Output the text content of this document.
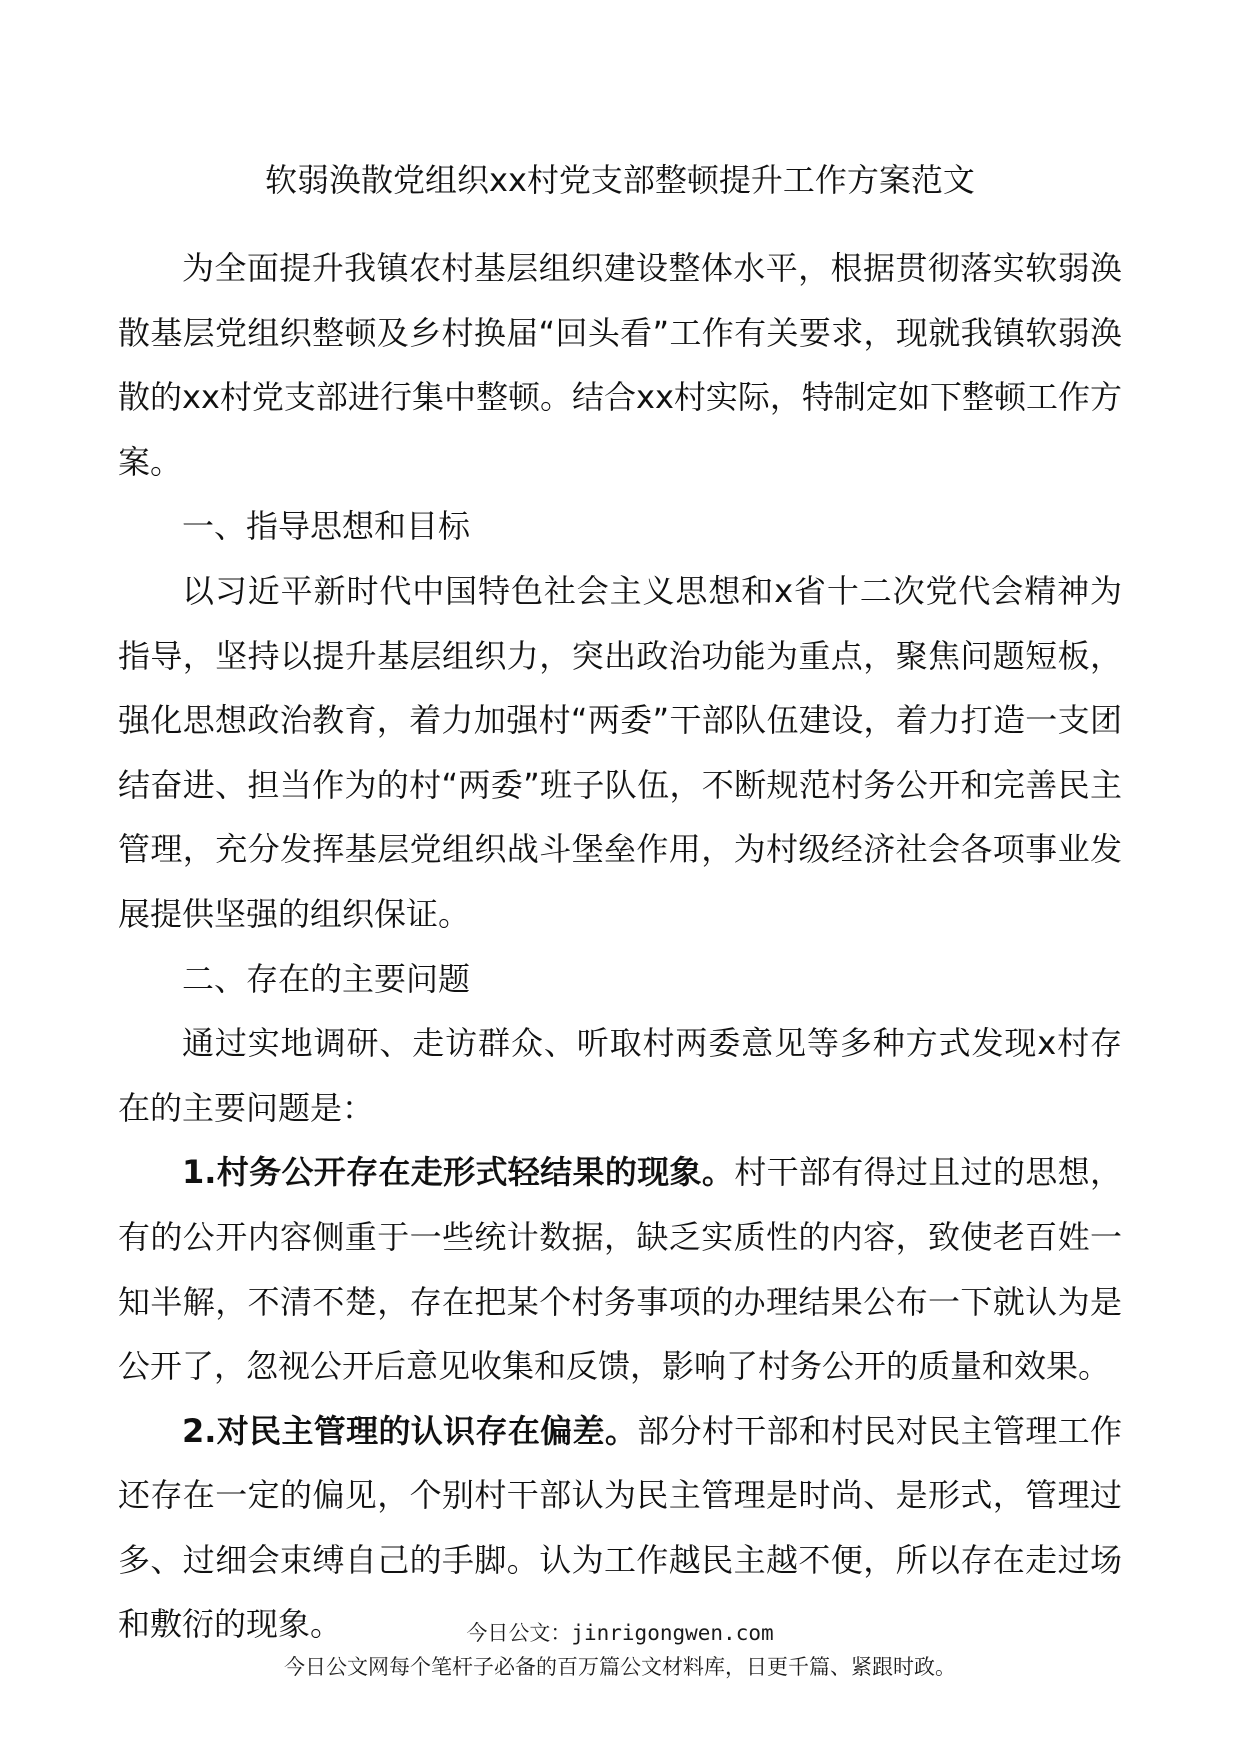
软弱涣散党组织xx村党支部整顿提升工作方案范文

为全面提升我镇农村基层组织建设整体水平，根据贯彻落实软弱涣散基层党组织整顿及乡村换届“回头看”工作有关要求，现就我镇软弱涣散的xx村党支部进行集中整顿。结合xx村实际，特制定如下整顿工作方案。

一、指导思想和目标

以习近平新时代中国特色社会主义思想和x省十二次党代会精神为指导，坚持以提升基层组织力，突出政治功能为重点，聚焦问题短板，强化思想政治教育，着力加强村“两委”干部队伍建设，着力打造一支团结奋进、担当作为的村“两委”班子队伍，不断规范村务公开和完善民主管理，充分发挥基层党组织战斗堡垒作用，为村级经济社会各项事业发展提供坚强的组织保证。

二、存在的主要问题

通过实地调研、走访群众、听取村两委意见等多种方式发现x村存在的主要问题是：

1.村务公开存在走形式轻结果的现象。村干部有得过且过的思想，有的公开内容侧重于一些统计数据，缺乏实质性的内容，致使老百姓一知半解，不清不楚，存在把某个村务事项的办理结果公布一下就认为是公开了，忽视公开后意见收集和反馈，影响了村务公开的质量和效果。

2.对民主管理的认识存在偏差。部分村干部和村民对民主管理工作还存在一定的偏见，个别村干部认为民主管理是时尚、是形式，管理过多、过细会束缚自己的手脚。认为工作越民主越不便，所以存在走过场和敷衍的现象。	今日公文：jinrigongwen.com
今日公文网每个笔杆子必备的百万篇公文材料库，日更千篇、紧跟时政。
